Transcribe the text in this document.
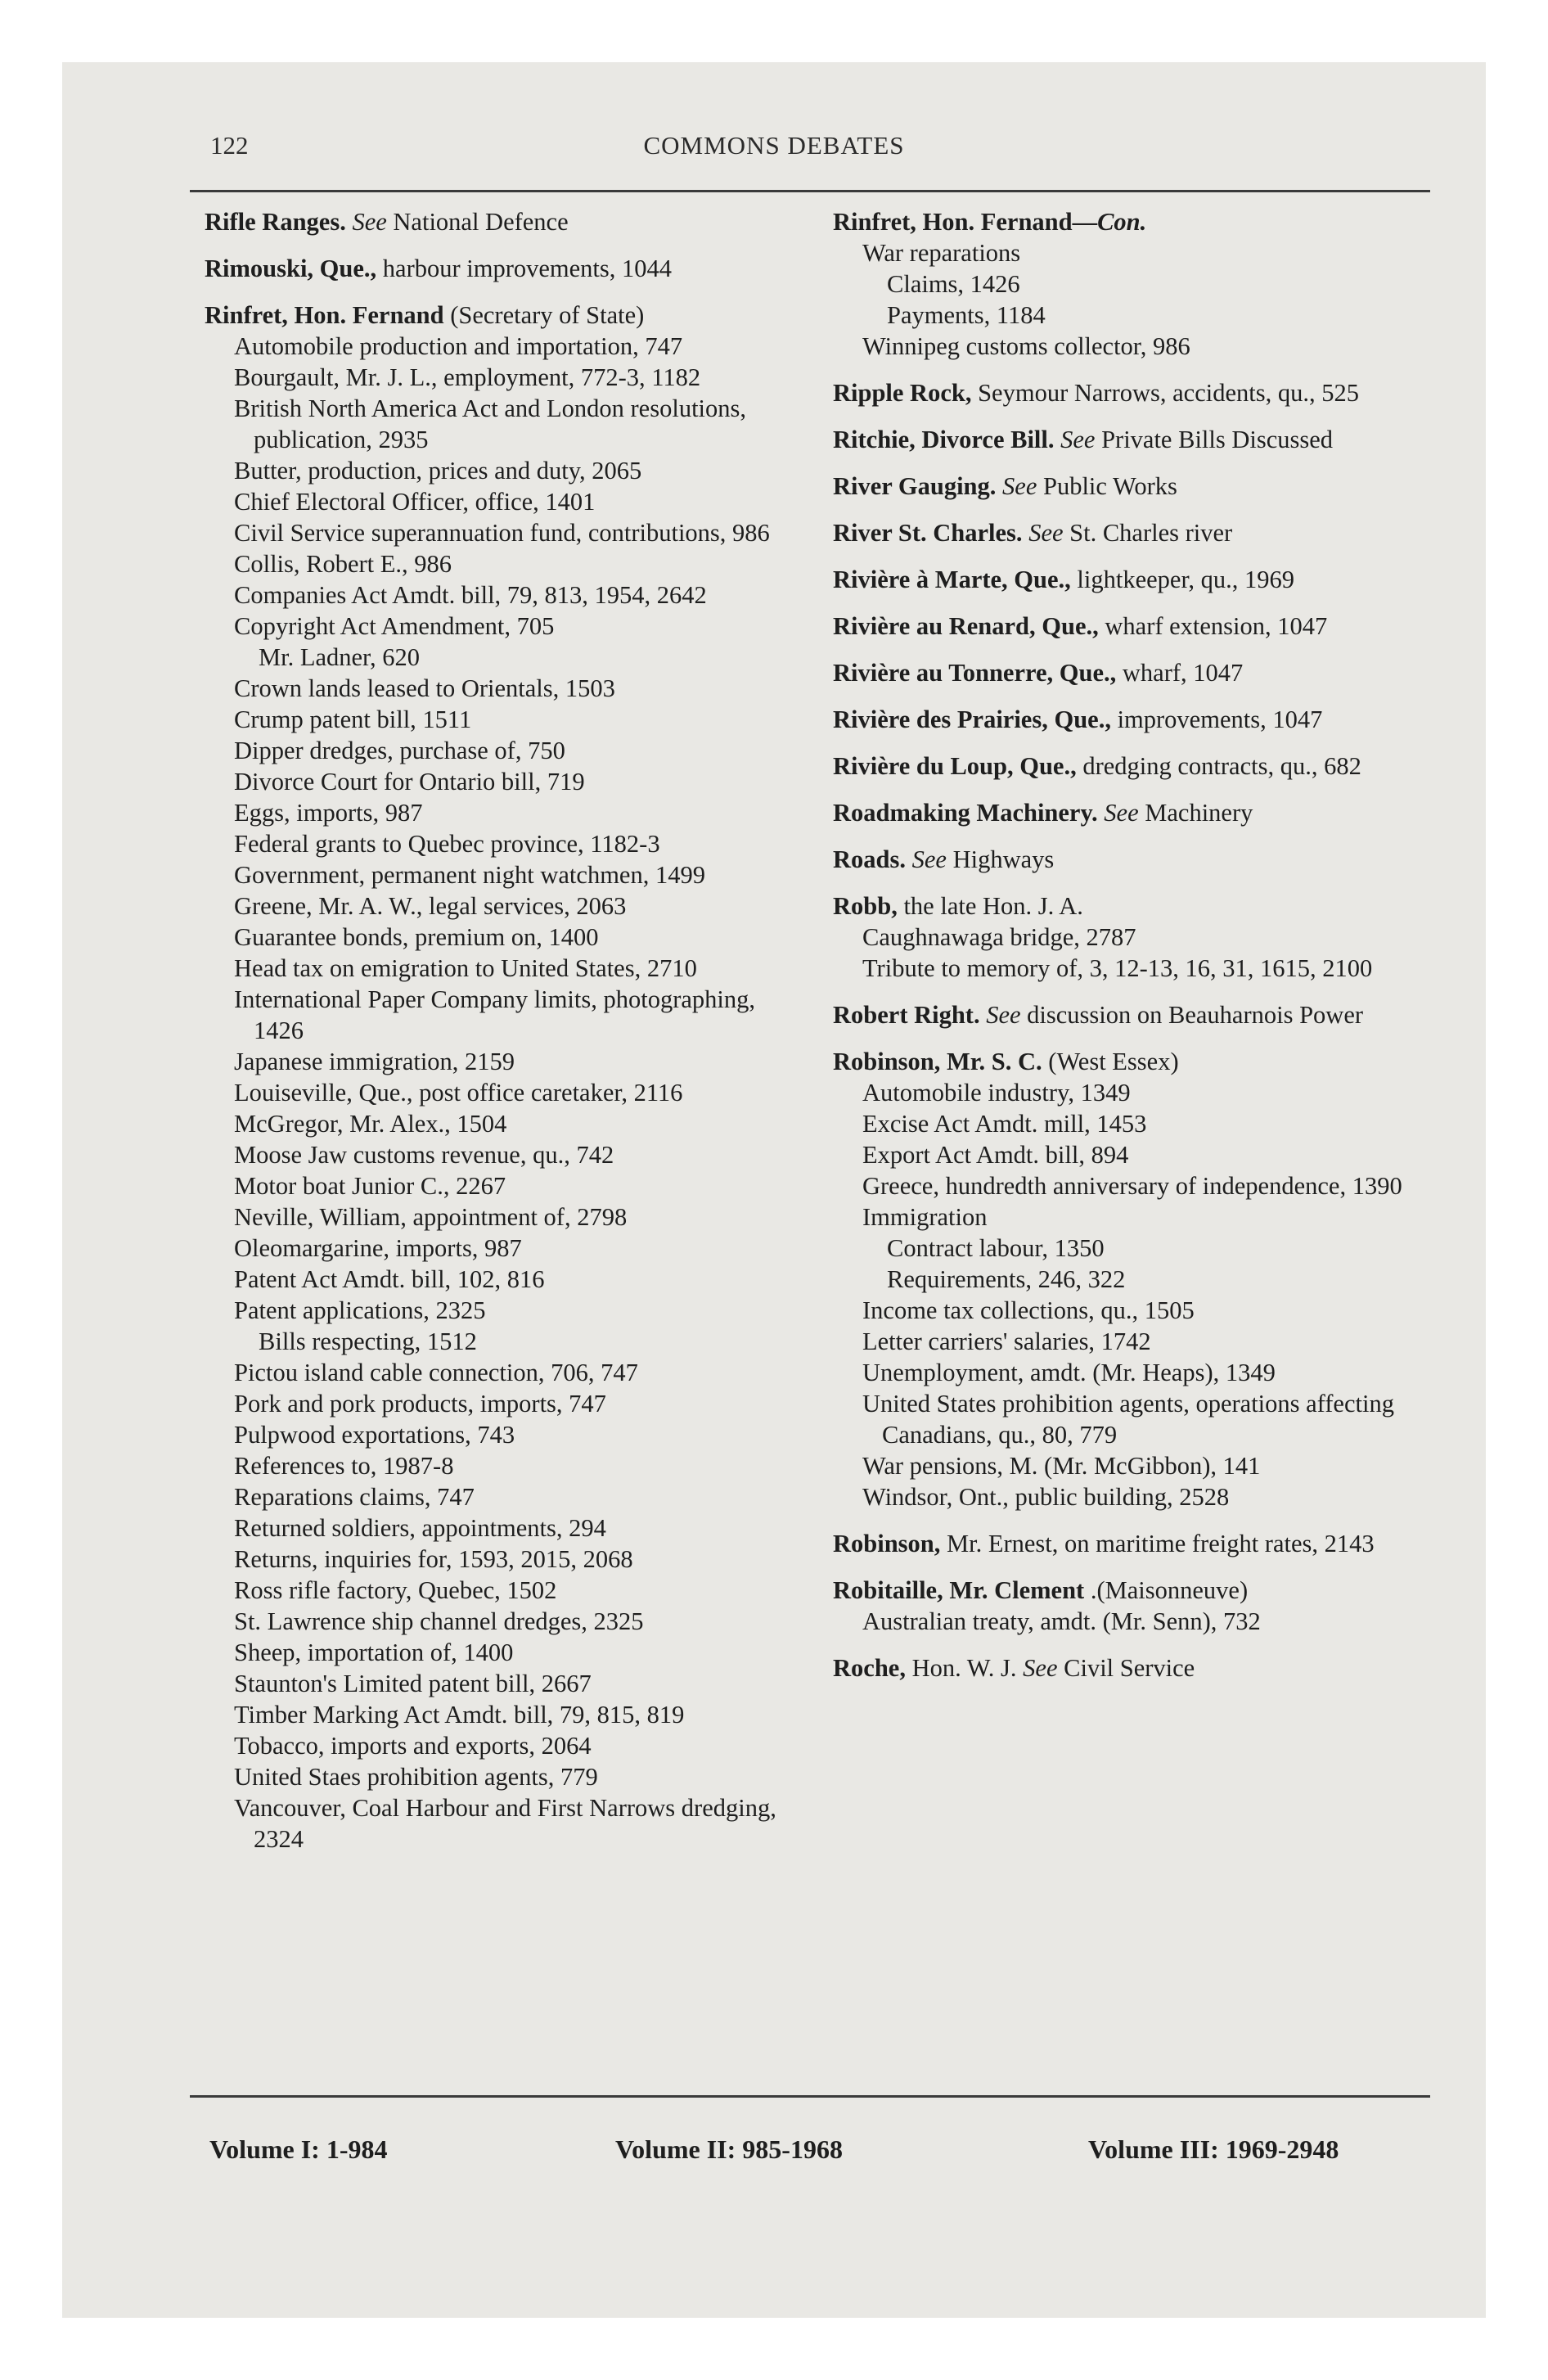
122	COMMONS DEBATES
Rifle Ranges. See National Defence
Rimouski, Que., harbour improvements, 1044
Rinfret, Hon. Fernand (Secretary of State)
Automobile production and importation, 747
Bourgault, Mr. J. L., employment, 772-3, 1182
British North America Act and London resolutions, publication, 2935
Butter, production, prices and duty, 2065
Chief Electoral Officer, office, 1401
Civil Service superannuation fund, contributions, 986
Collis, Robert E., 986
Companies Act Amdt. bill, 79, 813, 1954, 2642
Copyright Act Amendment, 705
Mr. Ladner, 620
Crown lands leased to Orientals, 1503
Crump patent bill, 1511
Dipper dredges, purchase of, 750
Divorce Court for Ontario bill, 719
Eggs, imports, 987
Federal grants to Quebec province, 1182-3
Government, permanent night watchmen, 1499
Greene, Mr. A. W., legal services, 2063
Guarantee bonds, premium on, 1400
Head tax on emigration to United States, 2710
International Paper Company limits, photographing, 1426
Japanese immigration, 2159
Louiseville, Que., post office caretaker, 2116
McGregor, Mr. Alex., 1504
Moose Jaw customs revenue, qu., 742
Motor boat Junior C., 2267
Neville, William, appointment of, 2798
Oleomargarine, imports, 987
Patent Act Amdt. bill, 102, 816
Patent applications, 2325
Bills respecting, 1512
Pictou island cable connection, 706, 747
Pork and pork products, imports, 747
Pulpwood exportations, 743
References to, 1987-8
Reparations claims, 747
Returned soldiers, appointments, 294
Returns, inquiries for, 1593, 2015, 2068
Ross rifle factory, Quebec, 1502
St. Lawrence ship channel dredges, 2325
Sheep, importation of, 1400
Staunton's Limited patent bill, 2667
Timber Marking Act Amdt. bill, 79, 815, 819
Tobacco, imports and exports, 2064
United Staes prohibition agents, 779
Vancouver, Coal Harbour and First Narrows dredging, 2324
Rinfret, Hon. Fernand—Con.
War reparations
Claims, 1426
Payments, 1184
Winnipeg customs collector, 986
Ripple Rock, Seymour Narrows, accidents, qu., 525
Ritchie, Divorce Bill. See Private Bills Discussed
River Gauging. See Public Works
River St. Charles. See St. Charles river
Rivière à Marte, Que., lightkeeper, qu., 1969
Rivière au Renard, Que., wharf extension, 1047
Rivière au Tonnerre, Que., wharf, 1047
Rivière des Prairies, Que., improvements, 1047
Rivière du Loup, Que., dredging contracts, qu., 682
Roadmaking Machinery. See Machinery
Roads. See Highways
Robb, the late Hon. J. A.
Caughnawaga bridge, 2787
Tribute to memory of, 3, 12-13, 16, 31, 1615, 2100
Robert Right. See discussion on Beauharnois Power
Robinson, Mr. S. C. (West Essex)
Automobile industry, 1349
Excise Act Amdt. mill, 1453
Export Act Amdt. bill, 894
Greece, hundredth anniversary of independence, 1390
Immigration
Contract labour, 1350
Requirements, 246, 322
Income tax collections, qu., 1505
Letter carriers' salaries, 1742
Unemployment, amdt. (Mr. Heaps), 1349
United States prohibition agents, operations affecting Canadians, qu., 80, 779
War pensions, M. (Mr. McGibbon), 141
Windsor, Ont., public building, 2528
Robinson, Mr. Ernest, on maritime freight rates, 2143
Robitaille, Mr. Clement .(Maisonneuve)
Australian treaty, amdt. (Mr. Senn), 732
Roche, Hon. W. J. See Civil Service
Volume I: 1-984	Volume II: 985-1968	Volume III: 1969-2948
